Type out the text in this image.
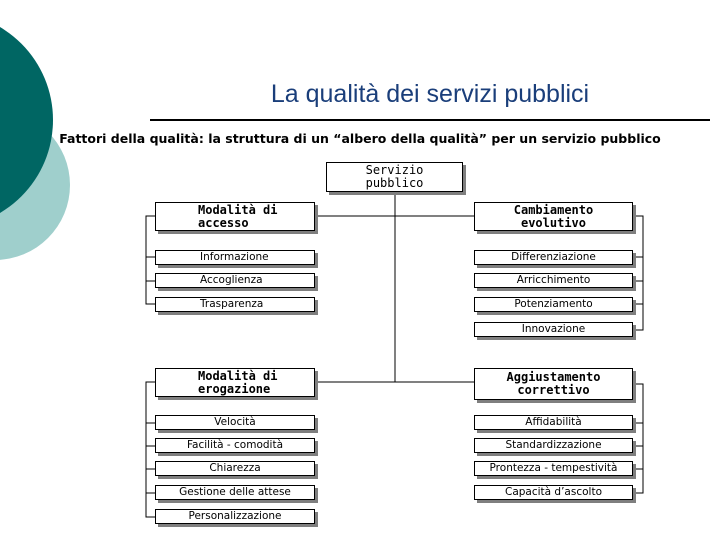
La qualità dei servizi pubblici
Fattori della qualità: la struttura di un “albero della qualità” per un servizio pubblico
Servizio
pubblico
Modalità di
accesso
Informazione
Accoglienza
Trasparenza
Cambiamento
evolutivo
Differenziazione
Arricchimento
Potenziamento
Innovazione
Modalità di
erogazione
Velocità
Facilità - comodità
Chiarezza
Gestione delle attese
Personalizzazione
Aggiustamento
correttivo
Affidabilità
Standardizzazione
Prontezza - tempestività
Capacità d’ascolto
